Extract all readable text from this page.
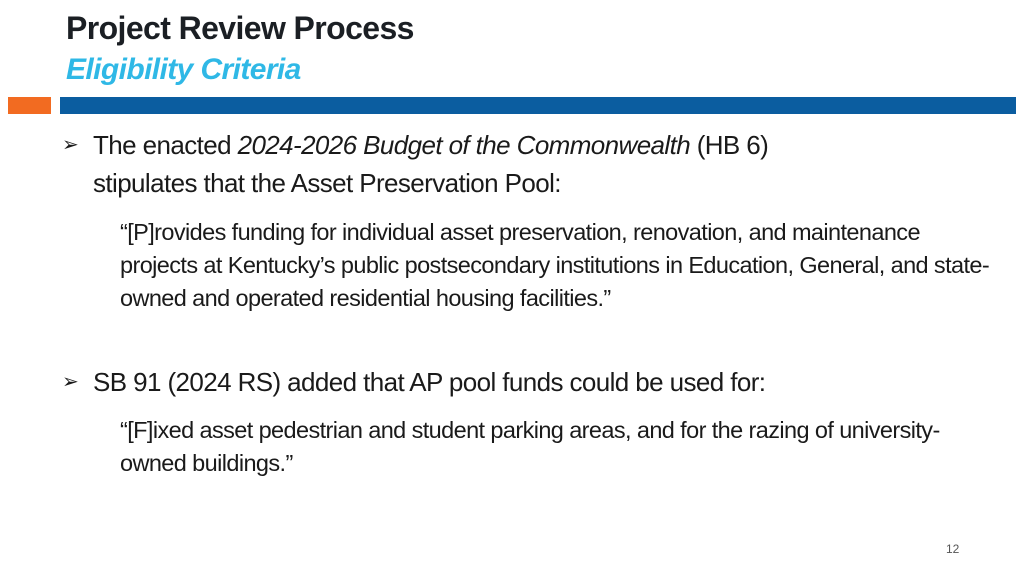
Project Review Process
Eligibility Criteria
➢ The enacted 2024-2026 Budget of the Commonwealth (HB 6)
stipulates that the Asset Preservation Pool:
“[P]rovides funding for individual asset preservation, renovation, and maintenance projects at Kentucky’s public postsecondary institutions in Education, General, and state-owned and operated residential housing facilities.”
➢ SB 91 (2024 RS) added that AP pool funds could be used for:
“[F]ixed asset pedestrian and student parking areas, and for the razing of university-owned buildings.”
12
